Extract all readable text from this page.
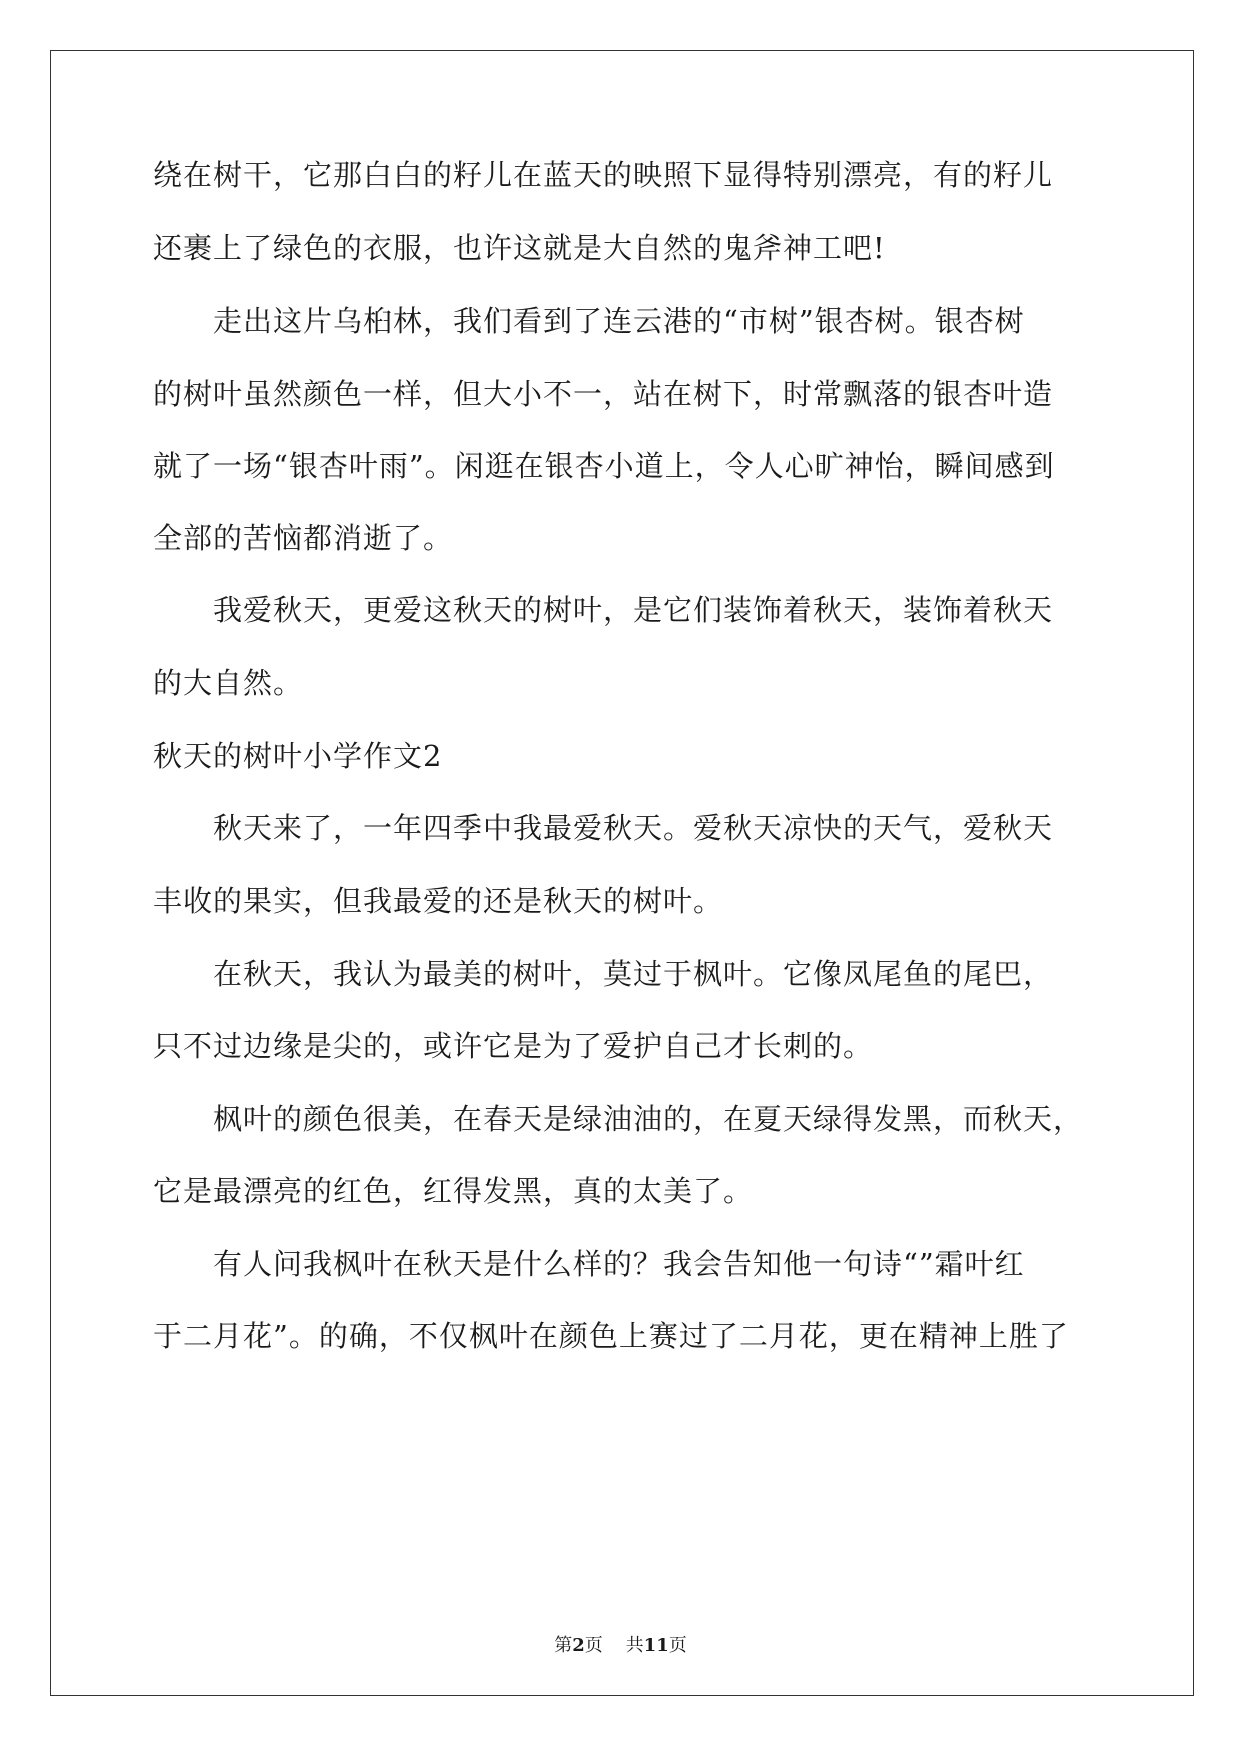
绕在树干，它那白白的籽儿在蓝天的映照下显得特别漂亮，有的籽儿
还裹上了绿色的衣服，也许这就是大自然的鬼斧神工吧!
　　走出这片乌桕林，我们看到了连云港的“市树”银杏树。银杏树
的树叶虽然颜色一样，但大小不一，站在树下，时常飘落的银杏叶造
就了一场“银杏叶雨”。闲逛在银杏小道上，令人心旷神怡，瞬间感到
全部的苦恼都消逝了。
　　我爱秋天，更爱这秋天的树叶，是它们装饰着秋天，装饰着秋天
的大自然。
秋天的树叶小学作文2
　　秋天来了，一年四季中我最爱秋天。爱秋天凉快的天气，爱秋天
丰收的果实，但我最爱的还是秋天的树叶。
　　在秋天，我认为最美的树叶，莫过于枫叶。它像凤尾鱼的尾巴，
只不过边缘是尖的，或许它是为了爱护自己才长刺的。
　　枫叶的颜色很美，在春天是绿油油的，在夏天绿得发黑，而秋天，
它是最漂亮的红色，红得发黑，真的太美了。
　　有人问我枫叶在秋天是什么样的？我会告知他一句诗“”霜叶红
于二月花”。的确，不仅枫叶在颜色上赛过了二月花，更在精神上胜了
第2页 共11页
